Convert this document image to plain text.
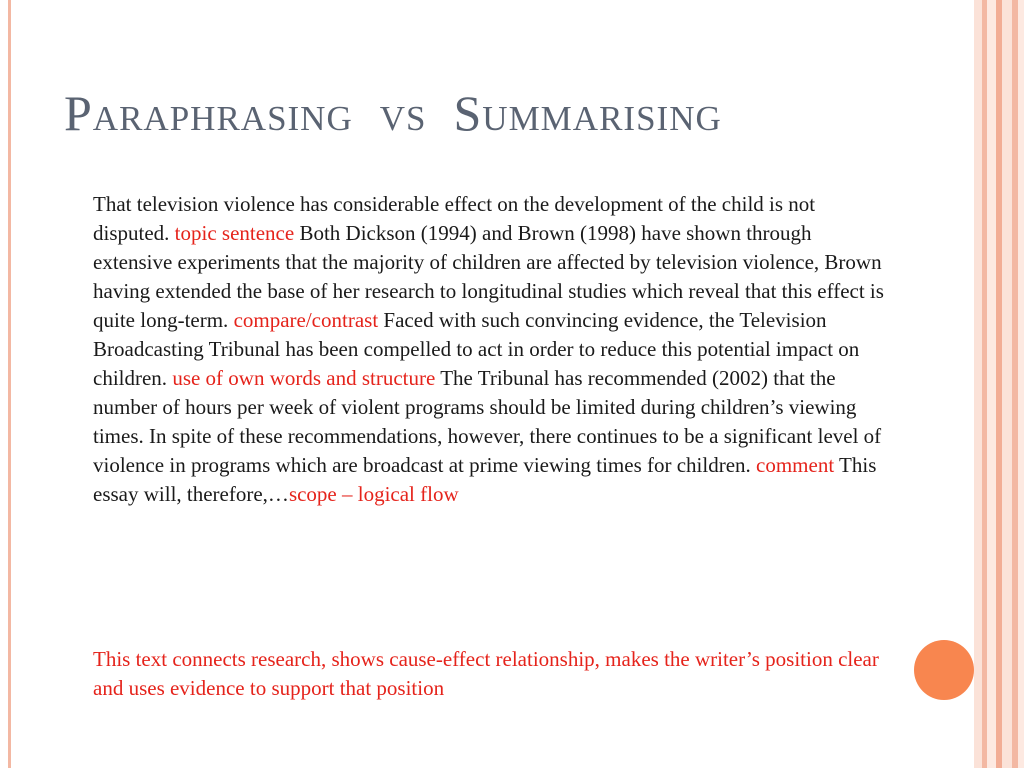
Paraphrasing  vs  Summarising

That television violence has considerable effect on the development of the child is not disputed. topic sentence Both Dickson (1994) and Brown (1998) have shown through extensive experiments that the majority of children are affected by television violence, Brown having extended the base of her research to longitudinal studies which reveal that this effect is quite long-term. compare/contrast Faced with such convincing evidence, the Television Broadcasting Tribunal has been compelled to act in order to reduce this potential impact on children. use of own words and structure The Tribunal has recommended (2002) that the number of hours per week of violent programs should be limited during children’s viewing times. In spite of these recommendations, however, there continues to be a significant level of violence in programs which are broadcast at prime viewing times for children. comment This essay will, therefore,…scope – logical flow

This text connects research, shows cause-effect relationship, makes the writer’s position clear and uses evidence to support that position
